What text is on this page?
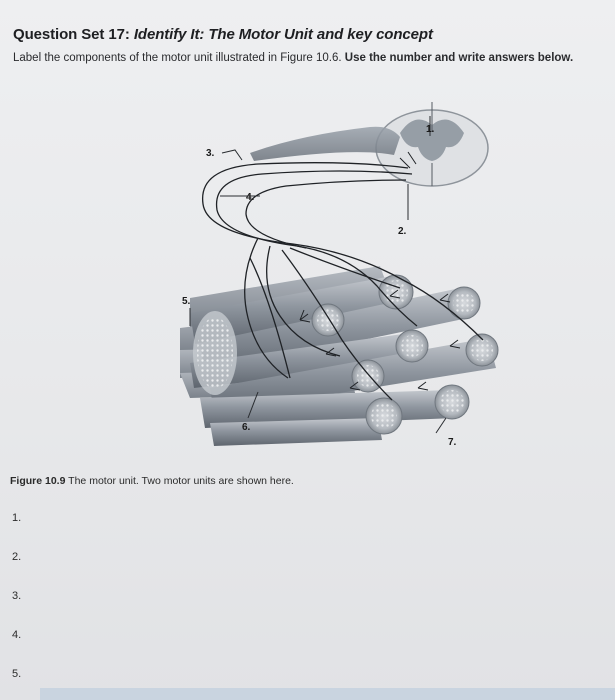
Question Set 17: Identify It: The Motor Unit and key concept
Label the components of the motor unit illustrated in Figure 10.6. Use the number and write answers below.
1.
2.
3.
4.
5.
6.
7.
Figure 10.9 The motor unit. Two motor units are shown here.
1.
2.
3.
4.
5.
